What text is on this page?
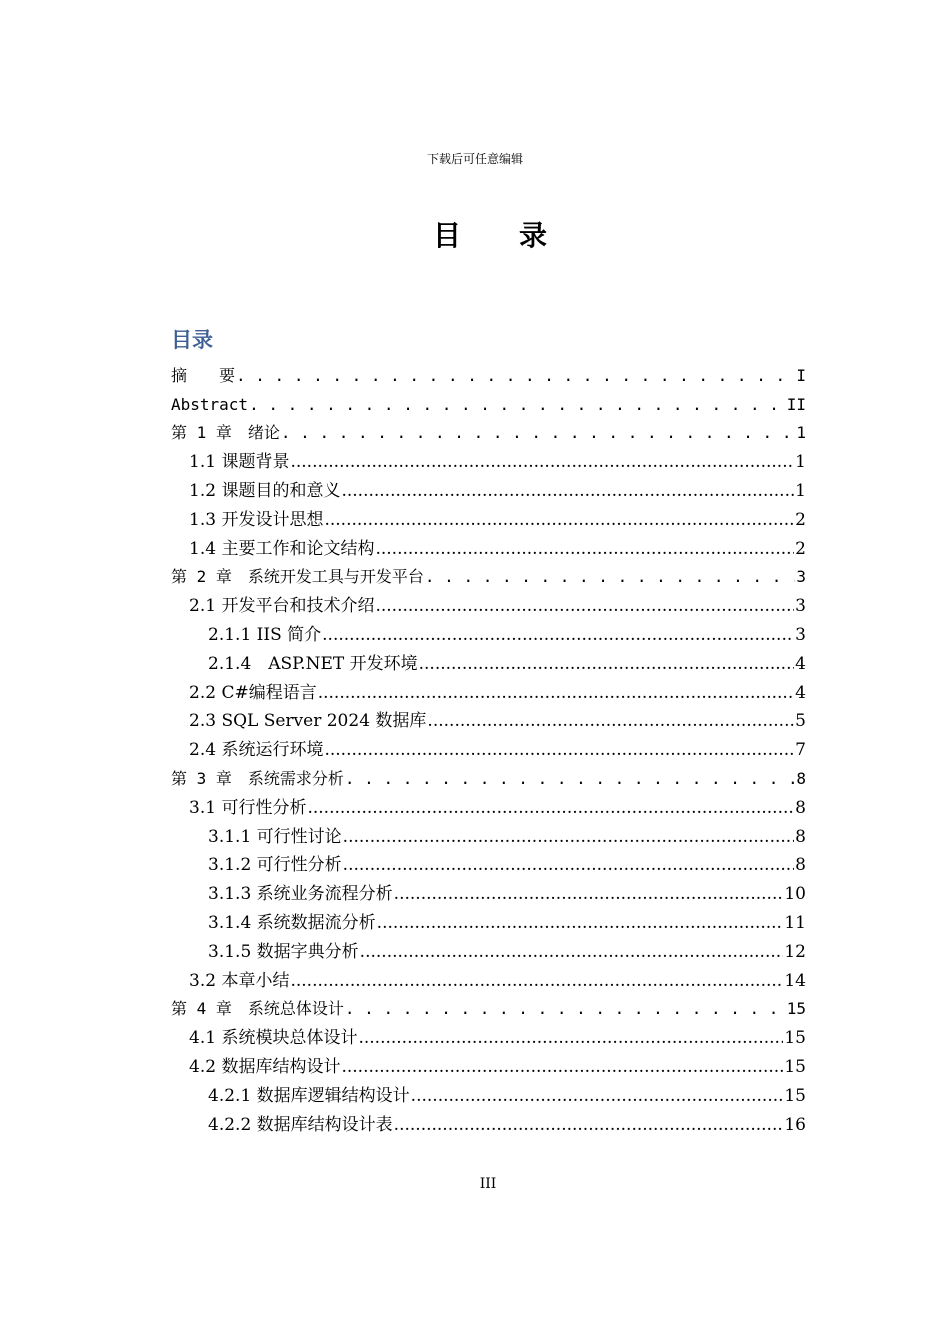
下载后可任意编辑
目 录
目录
摘　　要 . . .	I
Abstract . . .	II
第 1 章　绪论 . . .	1
1.1 课题背景 .....	1
1.2 课题目的和意义 .....	1
1.3 开发设计思想 .....	2
1.4 主要工作和论文结构 .....	2
第 2 章　系统开发工具与开发平台 . . .	3
2.1 开发平台和技术介绍 .....	3
2.1.1 IIS 简介 .....	3
2.1.4　ASP.NET 开发环境 .....	4
2.2 C#编程语言 .....	4
2.3 SQL Server 2024 数据库 .....	5
2.4 系统运行环境 .....	7
第 3 章　系统需求分析 . . .	8
3.1 可行性分析 .....	8
3.1.1 可行性讨论 .....	8
3.1.2 可行性分析 .....	8
3.1.3 系统业务流程分析 .....	10
3.1.4 系统数据流分析 .....	11
3.1.5 数据字典分析 .....	12
3.2 本章小结 .....	14
第 4 章　系统总体设计 . . .	15
4.1 系统模块总体设计 .....	15
4.2 数据库结构设计 .....	15
4.2.1 数据库逻辑结构设计 .....	15
4.2.2 数据库结构设计表 .....	16
III
